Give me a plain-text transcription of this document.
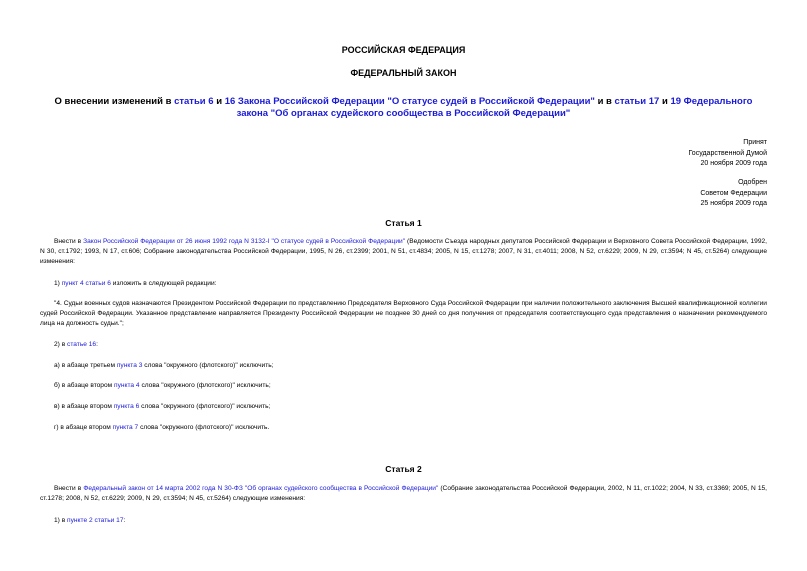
РОССИЙСКАЯ ФЕДЕРАЦИЯ
ФЕДЕРАЛЬНЫЙ ЗАКОН
О внесении изменений в статьи 6 и 16 Закона Российской Федерации "О статусе судей в Российской Федерации" и в статьи 17 и 19 Федерального закона "Об органах судейского сообщества в Российской Федерации"
Принят
Государственной Думой
20 ноября 2009 года
Одобрен
Советом Федерации
25 ноября 2009 года
Статья 1
Внести в Закон Российской Федерации от 26 июня 1992 года N 3132-I "О статусе судей в Российской Федерации" (Ведомости Съезда народных депутатов Российской Федерации и Верховного Совета Российской Федерации, 1992, N 30, ст.1792; 1993, N 17, ст.606; Собрание законодательства Российской Федерации, 1995, N 26, ст.2399; 2001, N 51, ст.4834; 2005, N 15, ст.1278; 2007, N 31, ст.4011; 2008, N 52, ст.6229; 2009, N 29, ст.3594; N 45, ст.5264) следующие изменения:
1) пункт 4 статьи 6 изложить в следующей редакции:
"4. Судьи военных судов назначаются Президентом Российской Федерации по представлению Председателя Верховного Суда Российской Федерации при наличии положительного заключения Высшей квалификационной коллегии судей Российской Федерации. Указанное представление направляется Президенту Российской Федерации не позднее 30 дней со дня получения от председателя соответствующего суда представления о назначении рекомендуемого лица на должность судьи.";
2) в статье 16:
а) в абзаце третьем пункта 3 слова "окружного (флотского)" исключить;
б) в абзаце втором пункта 4 слова "окружного (флотского)" исключить;
в) в абзаце втором пункта 6 слова "окружного (флотского)" исключить;
г) в абзаце втором пункта 7 слова "окружного (флотского)" исключить.
Статья 2
Внести в Федеральный закон от 14 марта 2002 года N 30-ФЗ "Об органах судейского сообщества в Российской Федерации" (Собрание законодательства Российской Федерации, 2002, N 11, ст.1022; 2004, N 33, ст.3369; 2005, N 15, ст.1278; 2008, N 52, ст.6229; 2009, N 29, ст.3594; N 45, ст.5264) следующие изменения:
1) в пункте 2 статьи 17:
